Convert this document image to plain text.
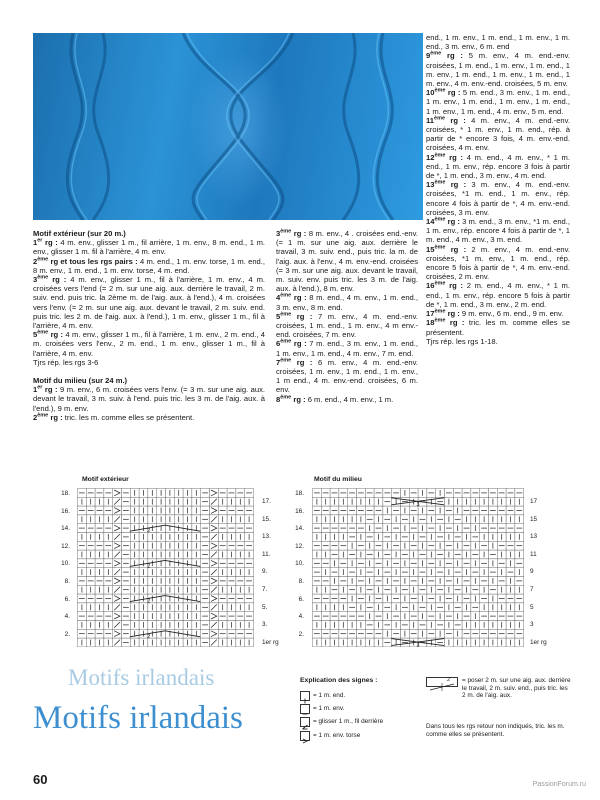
Motif extérieur (sur 20 m.)

1er rg : 4 m. env., glisser 1 m., fil arrière, 1 m. env., 8 m. end., 1 m. env., glisser 1 m. fil à l'arrière, 4 m. env.

2ème rg et tous les rgs pairs : 4 m. end., 1 m. env. torse, 1 m. end., 8 m. env., 1 m. end., 1 m. env. torse, 4 m. end.

3ème rg : 4 m. env., glisser 1 m., fil à l'arrière, 1 m. env., 4 m. croisées vers l'end (= 2 m. sur une aig. aux. derrière le travail, 2 m. suiv. end. puis tric. la 2ème m. de l'aig. aux. à l'end.), 4 m. croisées vers l'env. (= 2 m. sur une aig. aux. devant le travail, 2 m. suiv. end. puis tric. les 2 m. de l'aig. aux. à l'end.), 1 m. env., glisser 1 m., fil à l'arrière, 4 m. env.

5ème rg : 4 m. env., glisser 1 m., fil à l'arrière, 1 m. env., 2 m. end., 4 m. croisées vers l'env., 2 m. end., 1 m. env., glisser 1 m., fil à l'arrière, 4 m. env.

Tjrs rép. les rgs 3-6

Motif du milieu (sur 24 m.)

1er rg : 9 m. env., 6 m. croisées vers l'env. (= 3 m. sur une aig. aux. devant le travail, 3 m. suiv. à l'end. puis tric. les 3 m. de l'aig. aux. à l'end.), 9 m. env.

2ème rg : tric. les m. comme elles se présentent.

3ème rg : 8 m. env., 4 . croisées end.-env. (= 1 m. sur une aig. aux. derrière le travail, 3 m. suiv. end., puis tric. la m. de l'aig. aux. à l'env., 4 m. env.-end. croisées (= 3 m. sur une aig. aux. devant le travail, m. suiv. env. puis tric. les 3 m. de l'aig. aux. à l'end.), 8 m. env.

4ème rg : 8 m. end., 4 m. env., 1 m. end., 3 m. env., 8 m. end.

5ème rg : 7 m. env., 4 m. end.-env. croisées, 1 m. end., 1 m. env., 4 m env.-end. croisées, 7 m. env.

6ème rg : 7 m. end., 3 m. env., 1 m. end., 1 m. env., 1 m. end., 4 m. env., 7 m. end.

7ème rg : 6 m. env., 4 m. end.-env. croisées, 1 m. env., 1 m. end., 1 m. env., 1 m end., 4 m. env.-end. croisées, 6 m. env.

8ème rg : 6 m. end., 4 m. env., 1 m.

end., 1 m. env., 1 m. end., 1 m. env., 1 m. end., 3 m. env., 6 m. end

9ème rg : 5 m. env., 4 m. end.-env. croisées, 1 m. end., 1 m. env., 1 m. end., 1 m. env., 1 m. end., 1 m. env., 1 m. end., 1 m. env., 4 m. env.-end. croisées, 5 m. env.

10ème rg : 5 m. end., 3 m. env., 1 m. end., 1 m. env., 1 m. end., 1 m. env., 1 m. end., 1 m. env., 1 m. end., 4 m. env., 5 m. end.

11ème rg : 4 m. env., 4 m. end.-env. croisées, * 1 m. env., 1 m. end., rép. à partir de * encore 3 fois, 4 m. env.-end. croisées, 4 m. env.

12ème rg : 4 m. end., 4 m. env., * 1 m. end., 1 m. env., rép. encore 3 fois à partir de *, 1 m. end., 3 m. env., 4 m. end.

13ème rg : 3 m. env., 4 m. end.-env. croisées, *1 m. end., 1 m. env., rép. encore 4 fois à partir de *, 4 m. env.-end. croisées, 3 m. env.

14ème rg : 3 m. end., 3 m. env., *1 m. end., 1 m. env., rép. encore 4 fois à partir de *, 1 m. end., 4 m. env., 3 m. end.

15ème rg : 2 m. env., 4 m. end.-env. croisées, *1 m. env., 1 m. end., rép. encore 5 fois à partir de *, 4 m. env.-end. croisées, 2 m. env.

16ème rg : 2 m. end., 4 m. env., * 1 m. end., 1 m. env., rép. encore 5 fois à partir de *, 1 m. end., 3 m. env., 2 m. end.

17ème rg : 9 m. env., 6 m. end., 9 m. env.

18ème rg : tric. les m. comme elles se présentent.

Tjrs rép. les rgs 1-18.

Motif extérieur	Motif du milieu
2
2
2
2
3
3
18.
16.
14.
12.
10.
8.
6.
4.
2.
17.
15.
13.
11.
9.
7.
5.
3.
1er rg
18.
16.
14.
12.
10.
8.
6.
4.
2.
17
15
13
11
9
7
5
3
1er rg
Motifs irlandais
Motifs irlandais
Explication des signes :
= 1 m. end.
= 1 m. env.
= glisser 1 m., fil derrière
= 1 m. env. torse
2 = poser 2 m. sur une aig. aux. derrière le travail, 2 m. suiv. end., puis tric. les 2 m. de l'aig. aux.
Dans tous les rgs retour non indiqués, tric. les m. comme elles se présentent.
60	PassionForum.ru
